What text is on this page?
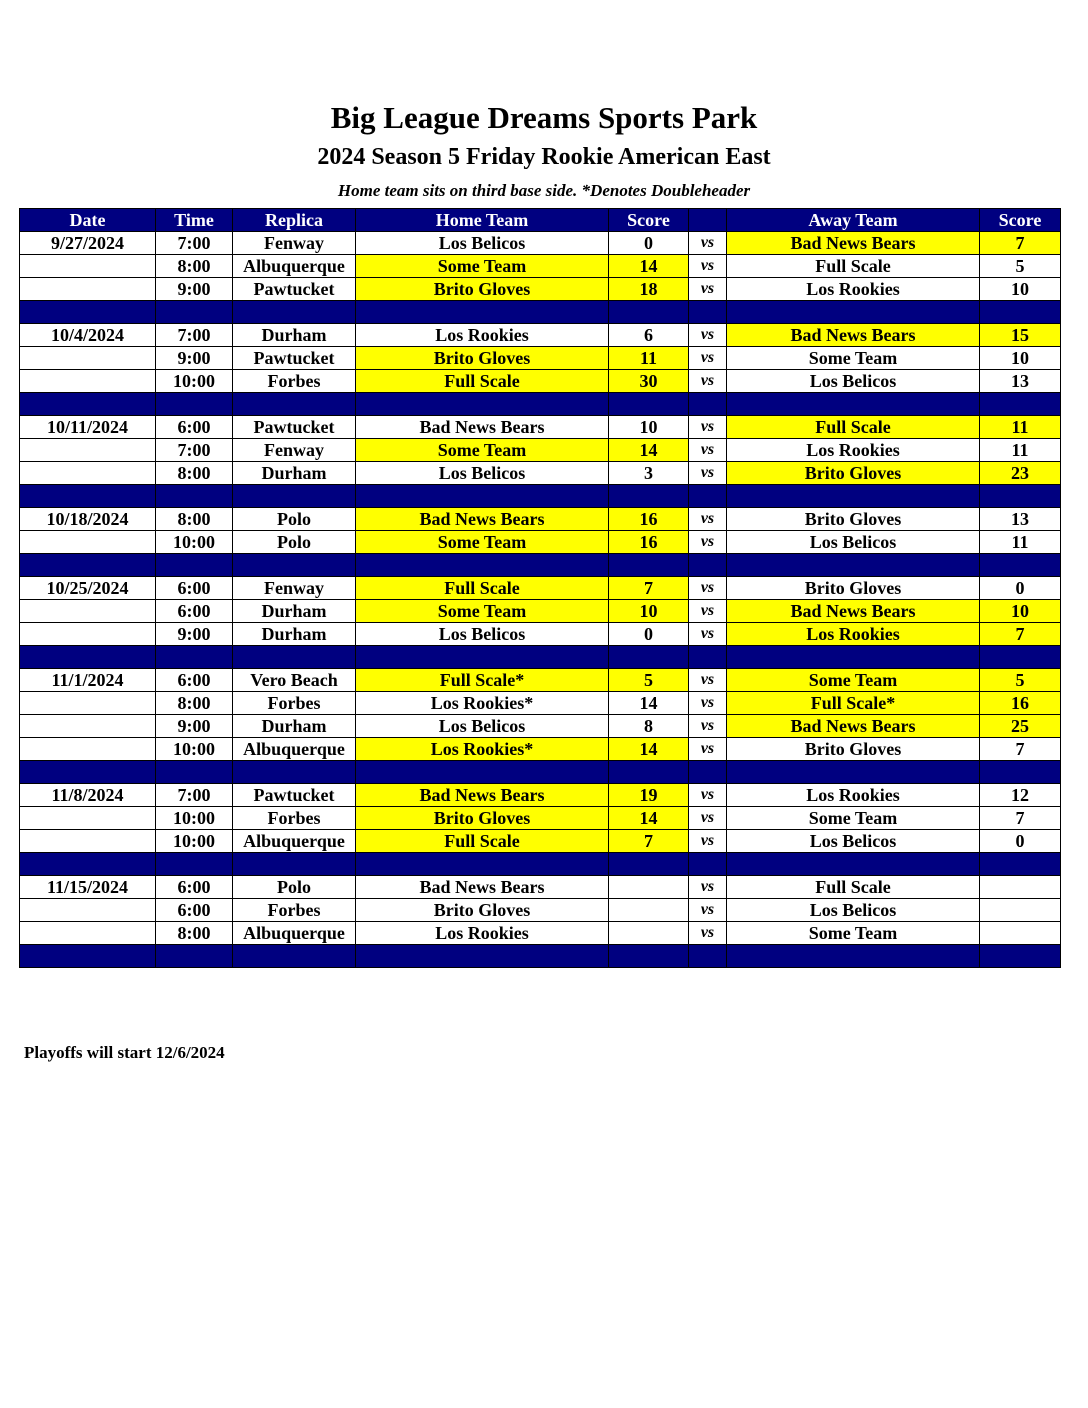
Big League Dreams Sports Park
2024 Season 5 Friday Rookie American East
Home team sits on third base side. *Denotes Doubleheader
Date	Time	Replica	Home Team	Score		Away Team	Score
9/27/2024	7:00	Fenway	Los Belicos	0	vs	Bad News Bears	7
	8:00	Albuquerque	Some Team	14	vs	Full Scale	5
	9:00	Pawtucket	Brito Gloves	18	vs	Los Rookies	10

10/4/2024	7:00	Durham	Los Rookies	6	vs	Bad News Bears	15
	9:00	Pawtucket	Brito Gloves	11	vs	Some Team	10
	10:00	Forbes	Full Scale	30	vs	Los Belicos	13

10/11/2024	6:00	Pawtucket	Bad News Bears	10	vs	Full Scale	11
	7:00	Fenway	Some Team	14	vs	Los Rookies	11
	8:00	Durham	Los Belicos	3	vs	Brito Gloves	23

10/18/2024	8:00	Polo	Bad News Bears	16	vs	Brito Gloves	13
	10:00	Polo	Some Team	16	vs	Los Belicos	11

10/25/2024	6:00	Fenway	Full Scale	7	vs	Brito Gloves	0
	6:00	Durham	Some Team	10	vs	Bad News Bears	10
	9:00	Durham	Los Belicos	0	vs	Los Rookies	7

11/1/2024	6:00	Vero Beach	Full Scale*	5	vs	Some Team	5
	8:00	Forbes	Los Rookies*	14	vs	Full Scale*	16
	9:00	Durham	Los Belicos	8	vs	Bad News Bears	25
	10:00	Albuquerque	Los Rookies*	14	vs	Brito Gloves	7

11/8/2024	7:00	Pawtucket	Bad News Bears	19	vs	Los Rookies	12
	10:00	Forbes	Brito Gloves	14	vs	Some Team	7
	10:00	Albuquerque	Full Scale	7	vs	Los Belicos	0

11/15/2024	6:00	Polo	Bad News Bears		vs	Full Scale	
	6:00	Forbes	Brito Gloves		vs	Los Belicos	
	8:00	Albuquerque	Los Rookies		vs	Some Team	

Playoffs will start 12/6/2024
